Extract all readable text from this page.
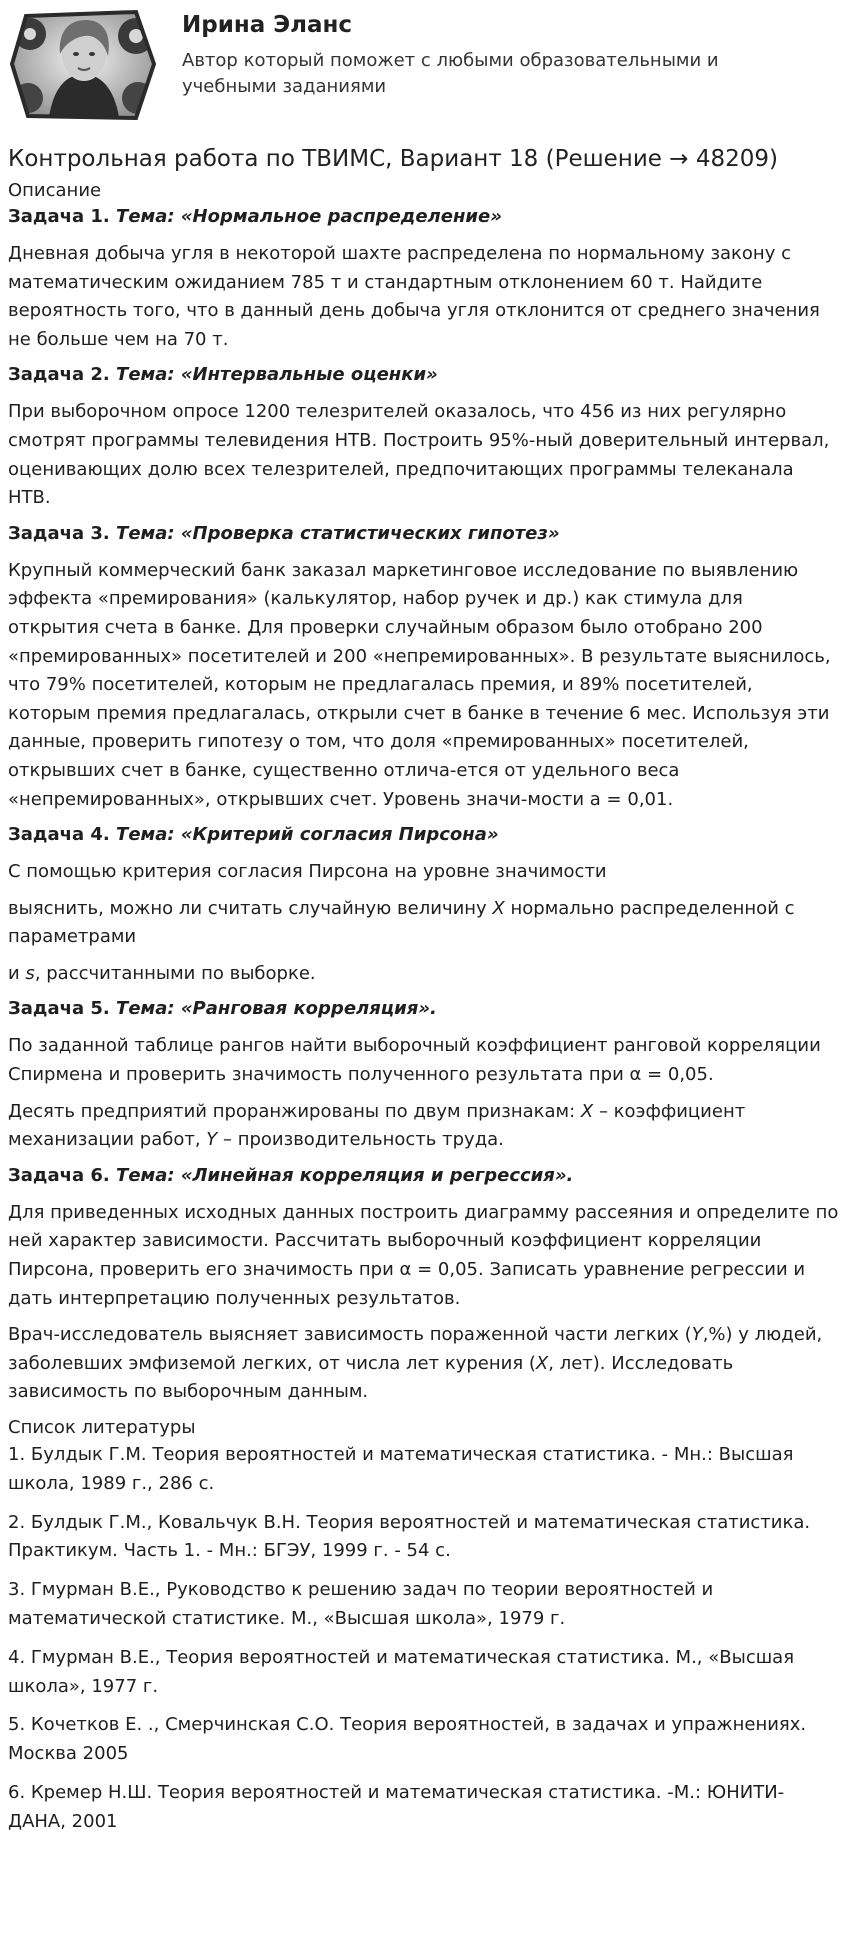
Ирина Эланс
Автор который поможет с любыми образовательными и учебными заданиями
Контрольная работа по ТВИМС, Вариант 18 (Решение → 48209)
Описание
Задача 1. Тема: «Нормальное распределение»

Дневная добыча угля в некоторой шахте распределена по нормальному закону с математическим ожиданием 785 т и стандартным отклонением 60 т. Найдите вероятность того, что в данный день добыча угля отклонится от среднего значения не больше чем на 70 т.

Задача 2. Тема: «Интервальные оценки»

При выборочном опросе 1200 телезрителей оказалось, что 456 из них регулярно смотрят программы телевидения НТВ. Построить 95%-ный доверительный интервал, оценивающих долю всех телезрителей, предпочитающих программы телеканала НТВ.

Задача 3. Тема: «Проверка статистических гипотез»

Крупный коммерческий банк заказал маркетинговое исследование по выявлению эффекта «премирования» (калькулятор, набор ручек и др.) как стимула для открытия счета в банке. Для проверки случайным образом было отобрано 200 «премированных» посетителей и 200 «непремированных». В результате выяснилось, что 79% посетителей, которым не предлагалась премия, и 89% посетителей, которым премия предлагалась, открыли счет в банке в течение 6 мес. Используя эти данные, проверить гипотезу о том, что доля «премированных» посетителей, открывших счет в банке, существенно отлича-ется от удельного веса «непремированных», открывших счет. Уровень значи-мости a = 0,01.

Задача 4. Тема: «Критерий согласия Пирсона»

С помощью критерия согласия Пирсона на уровне значимости

выяснить, можно ли считать случайную величину X нормально распределенной с параметрами

и s, рассчитанными по выборке.

Задача 5. Тема: «Ранговая корреляция».

По заданной таблице рангов найти выборочный коэффициент ранговой корреляции Спирмена и проверить значимость полученного результата при α = 0,05.

Десять предприятий проранжированы по двум признакам: X – коэффициент механизации работ, Y – производительность труда.

Задача 6. Тема: «Линейная корреляция и регрессия».

Для приведенных исходных данных построить диаграмму рассеяния и определите по ней характер зависимости. Рассчитать выборочный коэффициент корреляции Пирсона, проверить его значимость при α = 0,05. Записать уравнение регрессии и дать интерпретацию полученных результатов.

Врач-исследователь выясняет зависимость пораженной части легких (Y,%) у людей, заболевших эмфиземой легких, от числа лет курения (X, лет). Исследовать зависимость по выборочным данным.

Список литературы

1. Булдык Г.М. Теория вероятностей и математическая статистика. - Мн.: Высшая школа, 1989 г., 286 с.

2. Булдык Г.М., Ковальчук В.Н. Теория вероятностей и математическая статистика. Практикум. Часть 1. - Мн.: БГЭУ, 1999 г. - 54 с.

3. Гмурман В.Е., Руководство к решению задач по теории вероятностей и математической статистике. М., «Высшая школа», 1979 г.

4. Гмурман В.Е., Теория вероятностей и математическая статистика. М., «Высшая школа», 1977 г.

5. Кочетков Е. ., Смерчинская С.О. Теория вероятностей, в задачах и упражнениях. Москва 2005

6. Кремер Н.Ш. Теория вероятностей и математическая статистика. -М.: ЮНИТИ-ДАНА, 2001
